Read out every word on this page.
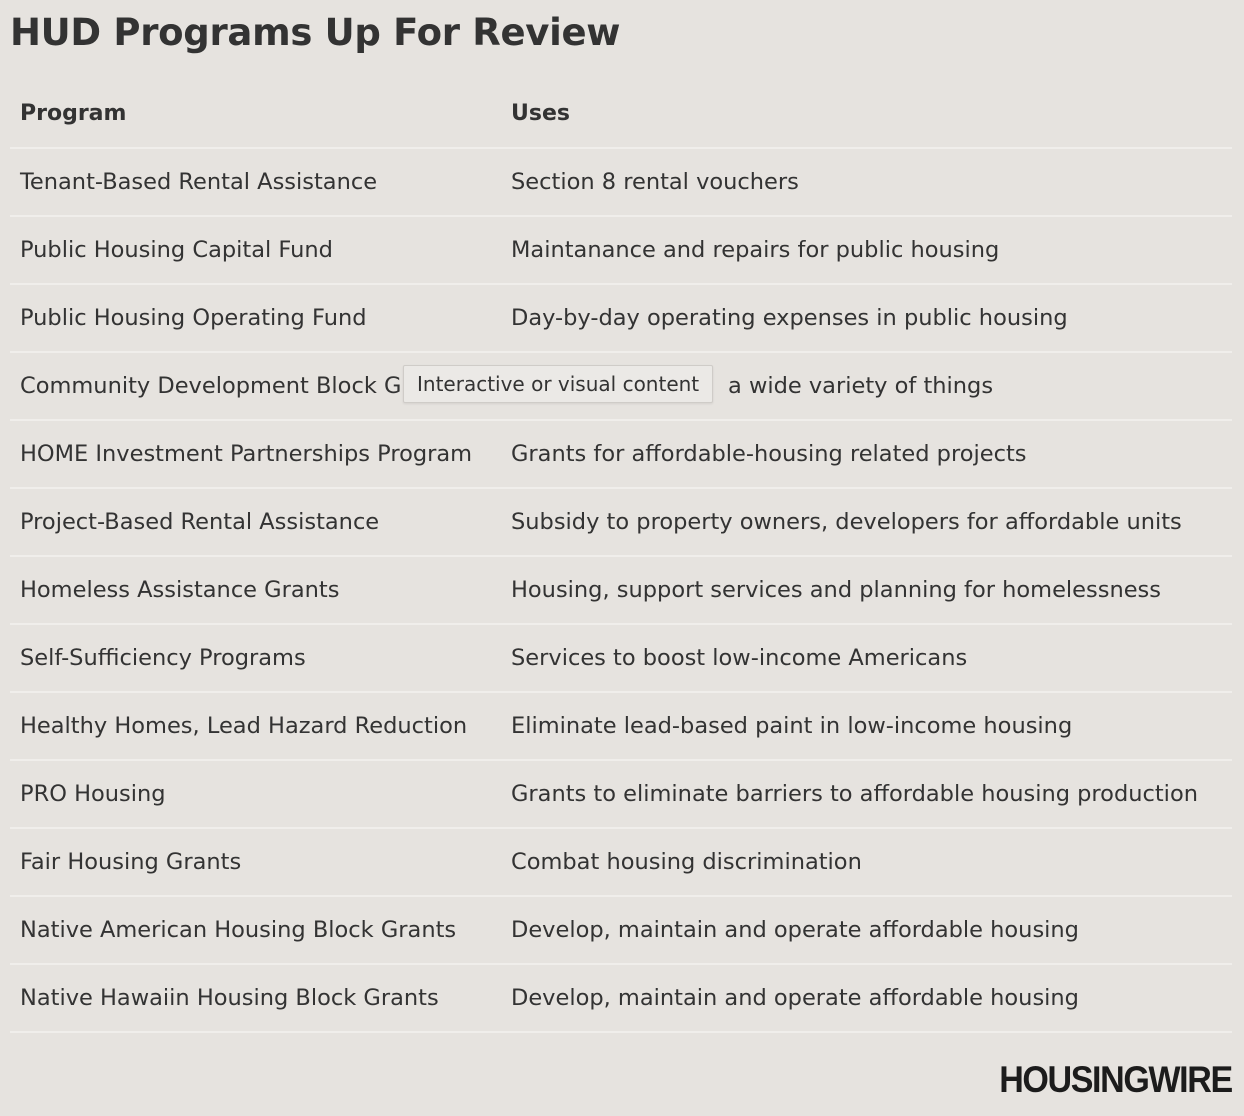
HUD Programs Up For Review
Program	Uses
Tenant-Based Rental Assistance	Section 8 rental vouchers
Public Housing Capital Fund	Maintanance and repairs for public housing
Public Housing Operating Fund	Day-by-day operating expenses in public housing
Community Development Block G	a wide variety of things
HOME Investment Partnerships Program	Grants for affordable-housing related projects
Project-Based Rental Assistance	Subsidy to property owners, developers for affordable units
Homeless Assistance Grants	Housing, support services and planning for homelessness
Self-Sufficiency Programs	Services to boost low-income Americans
Healthy Homes, Lead Hazard Reduction	Eliminate lead-based paint in low-income housing
PRO Housing	Grants to eliminate barriers to affordable housing production
Fair Housing Grants	Combat housing discrimination
Native American Housing Block Grants	Develop, maintain and operate affordable housing
Native Hawaiin Housing Block Grants	Develop, maintain and operate affordable housing
Interactive or visual content
HOUSINGWIRE
